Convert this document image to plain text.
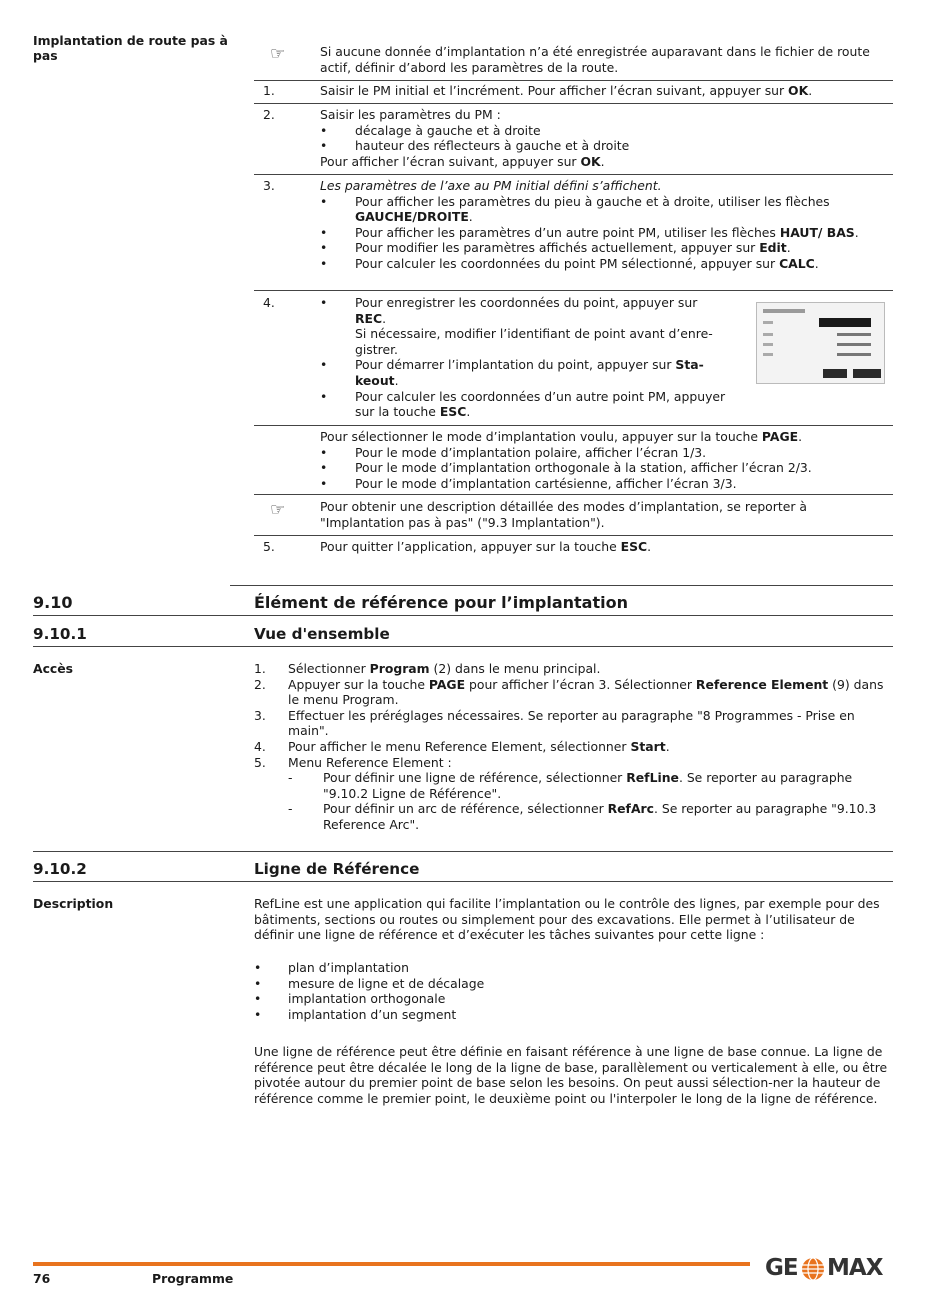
Implantation de route pas à pas	☞	Si aucune donnée d’implantation n’a été enregistrée auparavant dans le fichier de route actif, définir d’abord les paramètres de la route.
1.	Saisir le PM initial et l’incrément. Pour afficher l’écran suivant, appuyer sur OK.
2.	Saisir les paramètres du PM :
• décalage à gauche et à droite
• hauteur des réflecteurs à gauche et à droite
Pour afficher l’écran suivant, appuyer sur OK.
3.	Les paramètres de l’axe au PM initial défini s’affichent.
• Pour afficher les paramètres du pieu à gauche et à droite, utiliser les flèches GAUCHE/DROITE.
• Pour afficher les paramètres d’un autre point PM, utiliser les flèches HAUT/ BAS.
• Pour modifier les paramètres affichés actuellement, appuyer sur Edit.
• Pour calculer les coordonnées du point PM sélectionné, appuyer sur CALC.
4.
•	Pour enregistrer les coordonnées du point, appuyer sur REC.
Si nécessaire, modifier l’identifiant de point avant d’enre-gistrer.
• Pour démarrer l’implantation du point, appuyer sur Sta-keout.
• Pour calculer les coordonnées d’un autre point PM, appuyer sur la touche ESC.
Pour sélectionner le mode d’implantation voulu, appuyer sur la touche PAGE.
• Pour le mode d’implantation polaire, afficher l’écran 1/3.
• Pour le mode d’implantation orthogonale à la station, afficher l’écran 2/3.
• Pour le mode d’implantation cartésienne, afficher l’écran 3/3.
☞	Pour obtenir une description détaillée des modes d’implantation, se reporter à "Implantation pas à pas" ("9.3 Implantation").
5.	Pour quitter l’application, appuyer sur la touche ESC.
9.10	Élément de référence pour l’implantation
9.10.1	Vue d'ensemble
Accès	1. Sélectionner Program (2) dans le menu principal.
2. Appuyer sur la touche PAGE pour afficher l’écran 3. Sélectionner Reference Element (9) dans le menu Program.
3. Effectuer les préréglages nécessaires. Se reporter au paragraphe "8 Programmes - Prise en main".
4. Pour afficher le menu Reference Element, sélectionner Start.
5. Menu Reference Element :
- Pour définir une ligne de référence, sélectionner RefLine. Se reporter au paragraphe "9.10.2 Ligne de Référence".
- Pour définir un arc de référence, sélectionner RefArc. Se reporter au paragraphe "9.10.3 Reference Arc".
9.10.2	Ligne de Référence
Description	RefLine est une application qui facilite l’implantation ou le contrôle des lignes, par exemple pour des bâtiments, sections ou routes ou simplement pour des excavations. Elle permet à l’utilisateur de définir une ligne de référence et d’exécuter les tâches suivantes pour cette ligne :
• plan d’implantation
• mesure de ligne et de décalage
• implantation orthogonale
• implantation d’un segment
Une ligne de référence peut être définie en faisant référence à une ligne de base connue. La ligne de référence peut être décalée le long de la ligne de base, parallèlement ou verticalement à elle, ou être pivotée autour du premier point de base selon les besoins. On peut aussi sélection-ner la hauteur de référence comme le premier point, le deuxième point ou l'interpoler le long de la ligne de référence.
76	Programme	GE MAX
